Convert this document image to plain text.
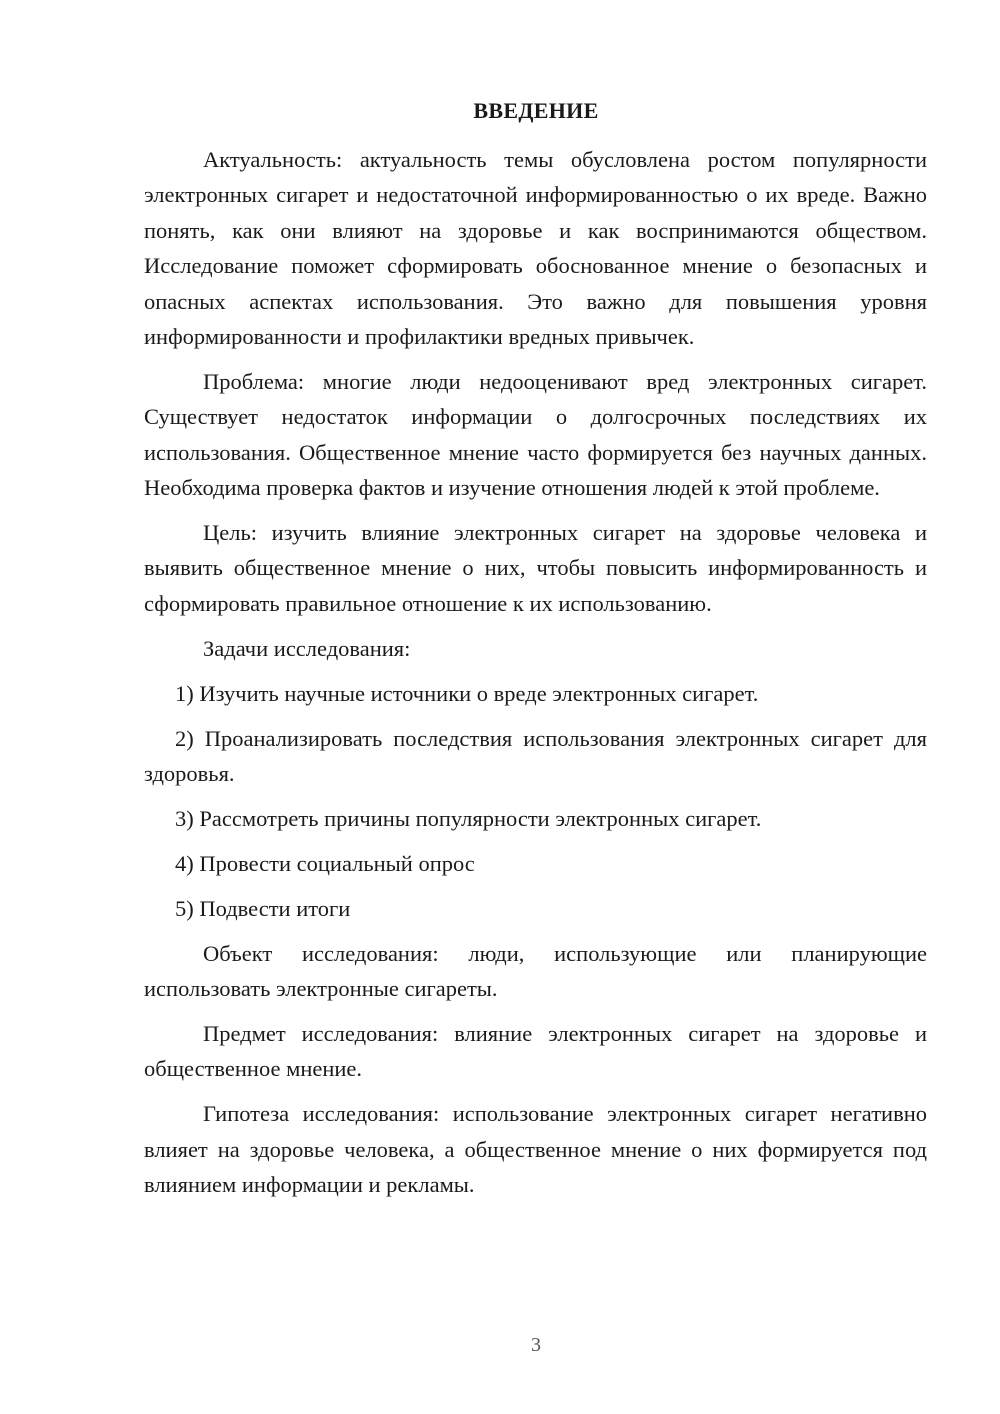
ВВЕДЕНИЕ

Актуальность: актуальность темы обусловлена ростом популярности электронных сигарет и недостаточной информированностью о их вреде. Важно понять, как они влияют на здоровье и как воспринимаются обществом. Исследование поможет сформировать обоснованное мнение о безопасных и опасных аспектах использования. Это важно для повышения уровня информированности и профилактики вредных привычек.

Проблема: многие люди недооценивают вред электронных сигарет. Существует недостаток информации о долгосрочных последствиях их использования. Общественное мнение часто формируется без научных данных. Необходима проверка фактов и изучение отношения людей к этой проблеме.

Цель: изучить влияние электронных сигарет на здоровье человека и выявить общественное мнение о них, чтобы повысить информированность и сформировать правильное отношение к их использованию.

Задачи исследования:

1) Изучить научные источники о вреде электронных сигарет.

2) Проанализировать последствия использования электронных сигарет для здоровья.

3) Рассмотреть причины популярности электронных сигарет.

4) Провести социальный опрос

5) Подвести итоги

Объект исследования: люди, использующие или планирующие использовать электронные сигареты.

Предмет исследования: влияние электронных сигарет на здоровье и общественное мнение.

Гипотеза исследования: использование электронных сигарет негативно влияет на здоровье человека, а общественное мнение о них формируется под влиянием информации и рекламы.

3
